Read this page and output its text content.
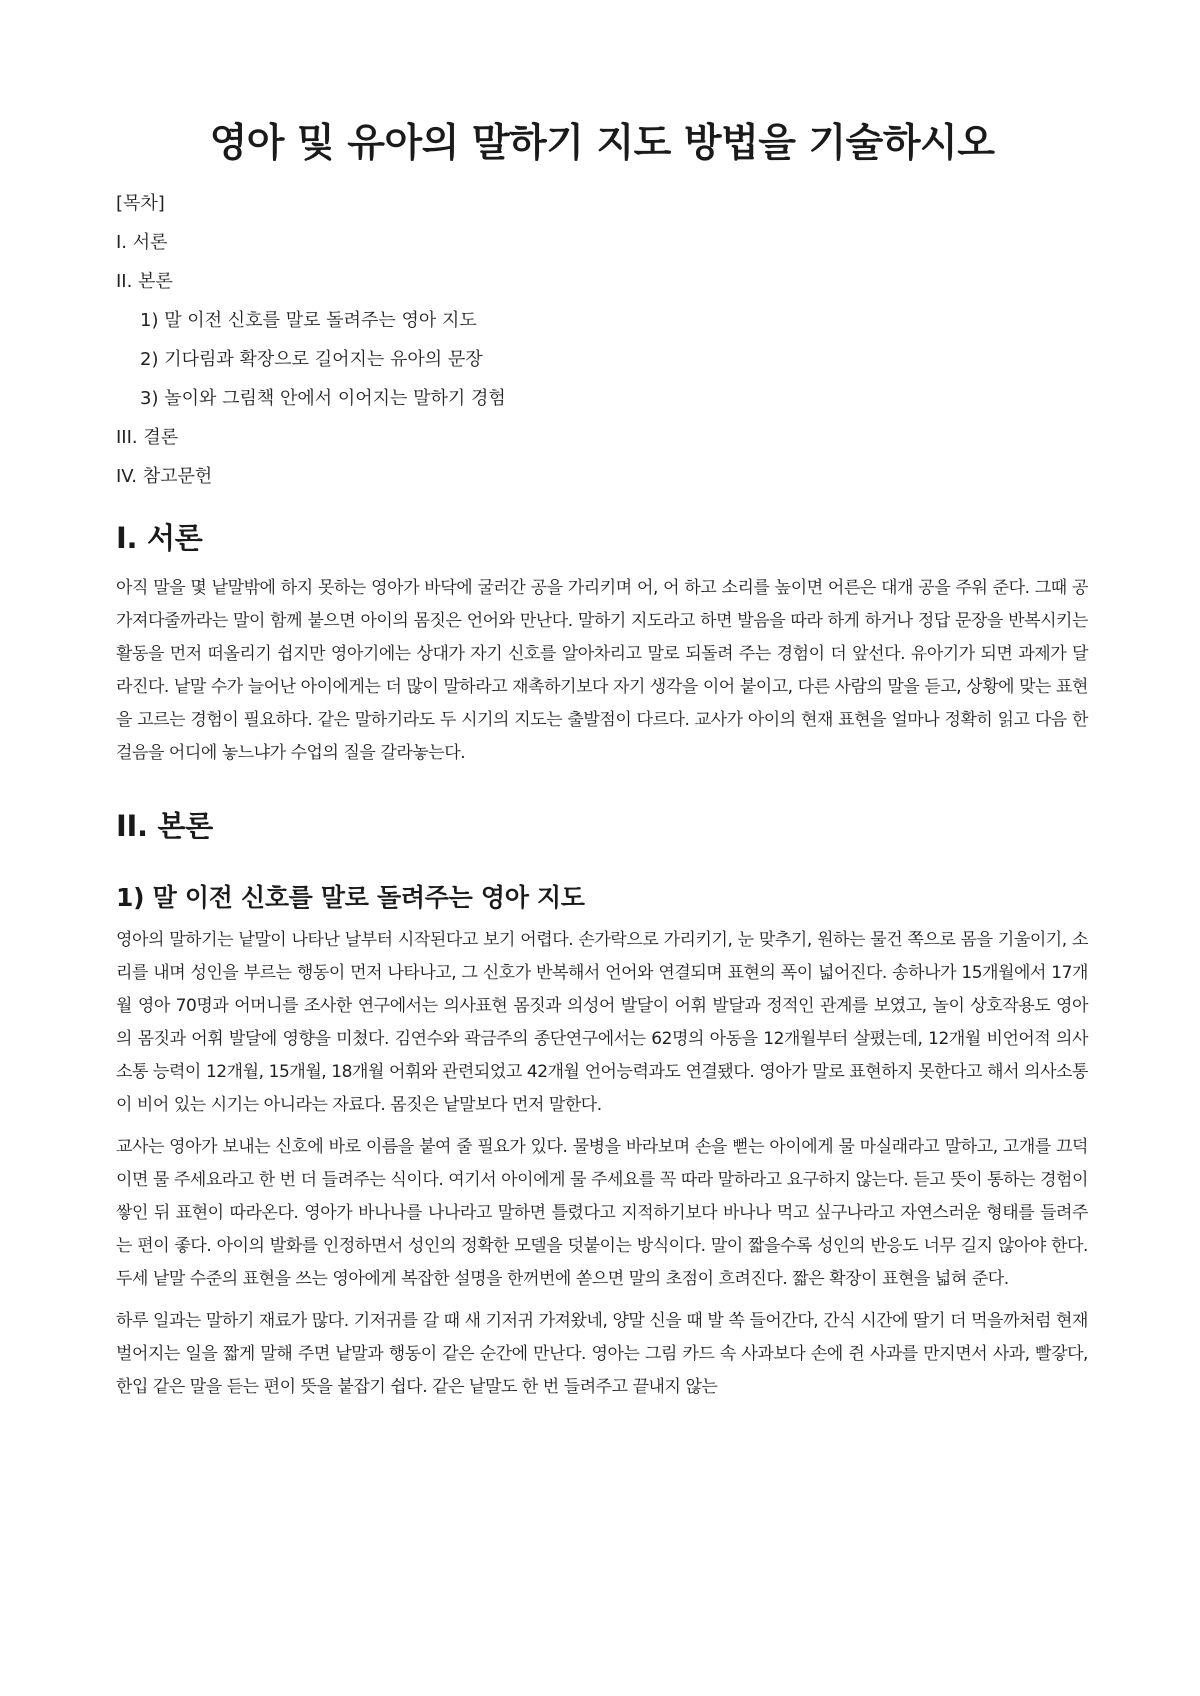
영아 및 유아의 말하기 지도 방법을 기술하시오
[목차]
I. 서론
II. 본론
1) 말 이전 신호를 말로 돌려주는 영아 지도
2) 기다림과 확장으로 길어지는 유아의 문장
3) 놀이와 그림책 안에서 이어지는 말하기 경험
III. 결론
IV. 참고문헌
I. 서론

아직 말을 몇 낱말밖에 하지 못하는 영아가 바닥에 굴러간 공을 가리키며 어, 어 하고 소리를 높이면 어른은 대개 공을 주워 준다. 그때 공 가져다줄까라는 말이 함께 붙으면 아이의 몸짓은 언어와 만난다. 말하기 지도라고 하면 발음을 따라 하게 하거나 정답 문장을 반복시키는 활동을 먼저 떠올리기 쉽지만 영아기에는 상대가 자기 신호를 알아차리고 말로 되돌려 주는 경험이 더 앞선다. 유아기가 되면 과제가 달라진다. 낱말 수가 늘어난 아이에게는 더 많이 말하라고 재촉하기보다 자기 생각을 이어 붙이고, 다른 사람의 말을 듣고, 상황에 맞는 표현을 고르는 경험이 필요하다. 같은 말하기라도 두 시기의 지도는 출발점이 다르다. 교사가 아이의 현재 표현을 얼마나 정확히 읽고 다음 한 걸음을 어디에 놓느냐가 수업의 질을 갈라놓는다.

II. 본론
1) 말 이전 신호를 말로 돌려주는 영아 지도

영아의 말하기는 낱말이 나타난 날부터 시작된다고 보기 어렵다. 손가락으로 가리키기, 눈 맞추기, 원하는 물건 쪽으로 몸을 기울이기, 소리를 내며 성인을 부르는 행동이 먼저 나타나고, 그 신호가 반복해서 언어와 연결되며 표현의 폭이 넓어진다. 송하나가 15개월에서 17개월 영아 70명과 어머니를 조사한 연구에서는 의사표현 몸짓과 의성어 발달이 어휘 발달과 정적인 관계를 보였고, 놀이 상호작용도 영아의 몸짓과 어휘 발달에 영향을 미쳤다. 김연수와 곽금주의 종단연구에서는 62명의 아동을 12개월부터 살폈는데, 12개월 비언어적 의사소통 능력이 12개월, 15개월, 18개월 어휘와 관련되었고 42개월 언어능력과도 연결됐다. 영아가 말로 표현하지 못한다고 해서 의사소통이 비어 있는 시기는 아니라는 자료다. 몸짓은 낱말보다 먼저 말한다.

교사는 영아가 보내는 신호에 바로 이름을 붙여 줄 필요가 있다. 물병을 바라보며 손을 뻗는 아이에게 물 마실래라고 말하고, 고개를 끄덕이면 물 주세요라고 한 번 더 들려주는 식이다. 여기서 아이에게 물 주세요를 꼭 따라 말하라고 요구하지 않는다. 듣고 뜻이 통하는 경험이 쌓인 뒤 표현이 따라온다. 영아가 바나나를 나나라고 말하면 틀렸다고 지적하기보다 바나나 먹고 싶구나라고 자연스러운 형태를 들려주는 편이 좋다. 아이의 발화를 인정하면서 성인의 정확한 모델을 덧붙이는 방식이다. 말이 짧을수록 성인의 반응도 너무 길지 않아야 한다. 두세 낱말 수준의 표현을 쓰는 영아에게 복잡한 설명을 한꺼번에 쏟으면 말의 초점이 흐려진다. 짧은 확장이 표현을 넓혀 준다.

하루 일과는 말하기 재료가 많다. 기저귀를 갈 때 새 기저귀 가져왔네, 양말 신을 때 발 쏙 들어간다, 간식 시간에 딸기 더 먹을까처럼 현재 벌어지는 일을 짧게 말해 주면 낱말과 행동이 같은 순간에 만난다. 영아는 그림 카드 속 사과보다 손에 쥔 사과를 만지면서 사과, 빨갛다, 한입 같은 말을 듣는 편이 뜻을 붙잡기 쉽다. 같은 낱말도 한 번 들려주고 끝내지 않는
